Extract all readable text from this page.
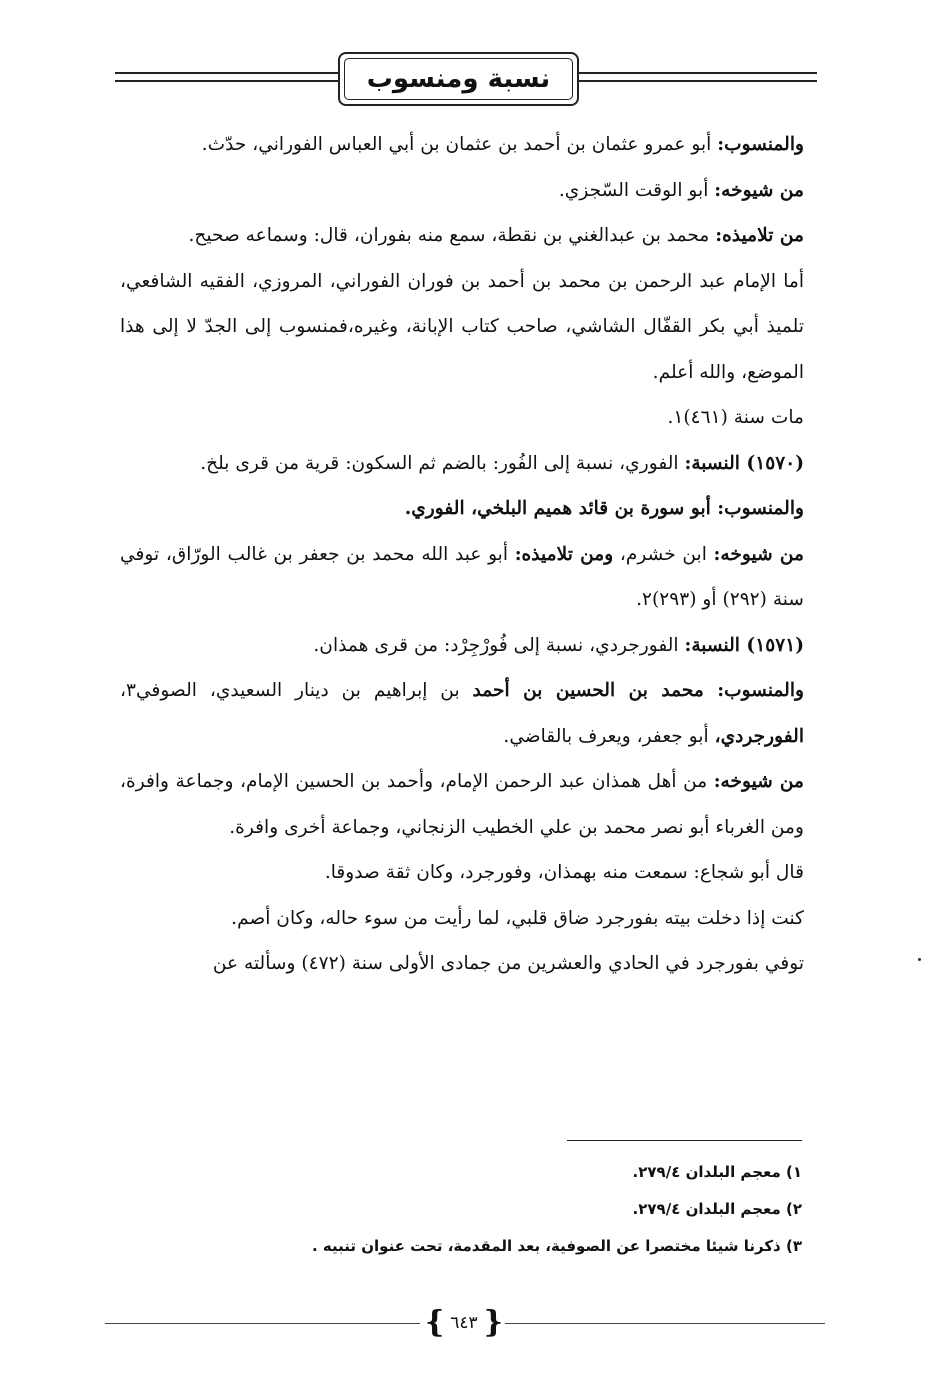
نسبة ومنسوب

والمنسوب: أبو عمرو عثمان بن أحمد بن عثمان بن أبي العباس الفوراني، حدّث.

من شيوخه: أبو الوقت السّجزي.

من تلاميذه: محمد بن عبدالغني بن نقطة، سمع منه بفوران، قال: وسماعه صحيح.

أما الإمام عبد الرحمن بن محمد بن أحمد بن فوران الفوراني، المروزي، الفقيه الشافعي، تلميذ أبي بكر القفّال الشاشي، صاحب كتاب الإبانة، وغيره،فمنسوب إلى الجدّ لا إلى هذا الموضع، والله أعلم.

مات سنة (٤٦١)١.

(١٥٧٠) النسبة: الفوري، نسبة إلى الفُور: بالضم ثم السكون: قرية من قرى بلخ.

والمنسوب: أبو سورة بن قائد هميم البلخي، الفوري.

من شيوخه: ابن خشرم، ومن تلاميذه: أبو عبد الله محمد بن جعفر بن غالب الورّاق، توفي سنة (٢٩٢) أو (٢٩٣)٢.

(١٥٧١) النسبة: الفورجردي، نسبة إلى فُورْجِرْد: من قرى همذان.

والمنسوب: محمد بن الحسين بن أحمد بن إبراهيم بن دينار السعيدي، الصوفي٣، الفورجردي، أبو جعفر، ويعرف بالقاضي.

من شيوخه: من أهل همذان عبد الرحمن الإمام، وأحمد بن الحسين الإمام، وجماعة وافرة، ومن الغرباء أبو نصر محمد بن علي الخطيب الزنجاني، وجماعة أخرى وافرة.

قال أبو شجاع: سمعت منه بهمذان، وفورجرد، وكان ثقة صدوقا.

كنت إذا دخلت بيته بفورجرد ضاق قلبي، لما رأيت من سوء حاله، وكان أصم.

توفي بفورجرد في الحادي والعشرين من جمادى الأولى سنة (٤٧٢) وسألته عن

١) معجم البلدان ٢٧٩/٤.

٢) معجم البلدان ٢٧٩/٤.

٣) ذكرنا شيئا مختصرا عن الصوفية، بعد المقدمة، تحت عنوان تنبيه .

{ ٦٤٣ }
